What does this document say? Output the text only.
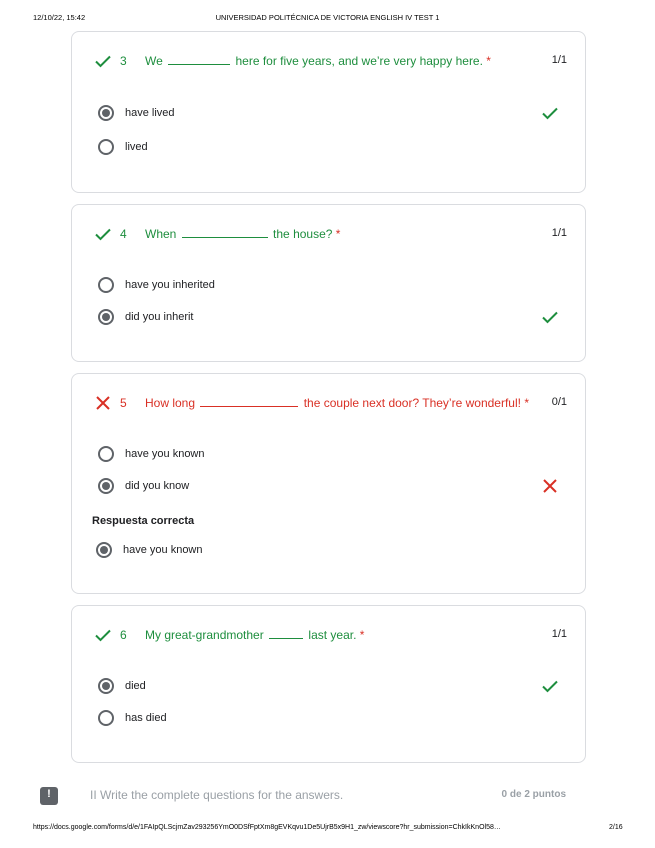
12/10/22, 15:42	UNIVERSIDAD POLITÉCNICA DE VICTORIA ENGLISH IV TEST 1
3 We	here for five years, and we’re very happy here. *	1/1
have lived
lived
4 When	the house? *	1/1
have you inherited
did you inherit
5 How long	the couple next door? They’re wonderful! * 0/1
have you known
did you know
Respuesta correcta
have you known
6 My great-grandmother	last year. *	1/1
died
has died
!	II Write the complete questions for the answers.	0 de 2 puntos
https://docs.google.com/forms/d/e/1FAIpQLScjmZav293256YmO0DSfFptXm8gEVKqvu1De5UjrB5x9H1_zw/viewscore?hr_submission=ChkIkKnOl58…	2/16
